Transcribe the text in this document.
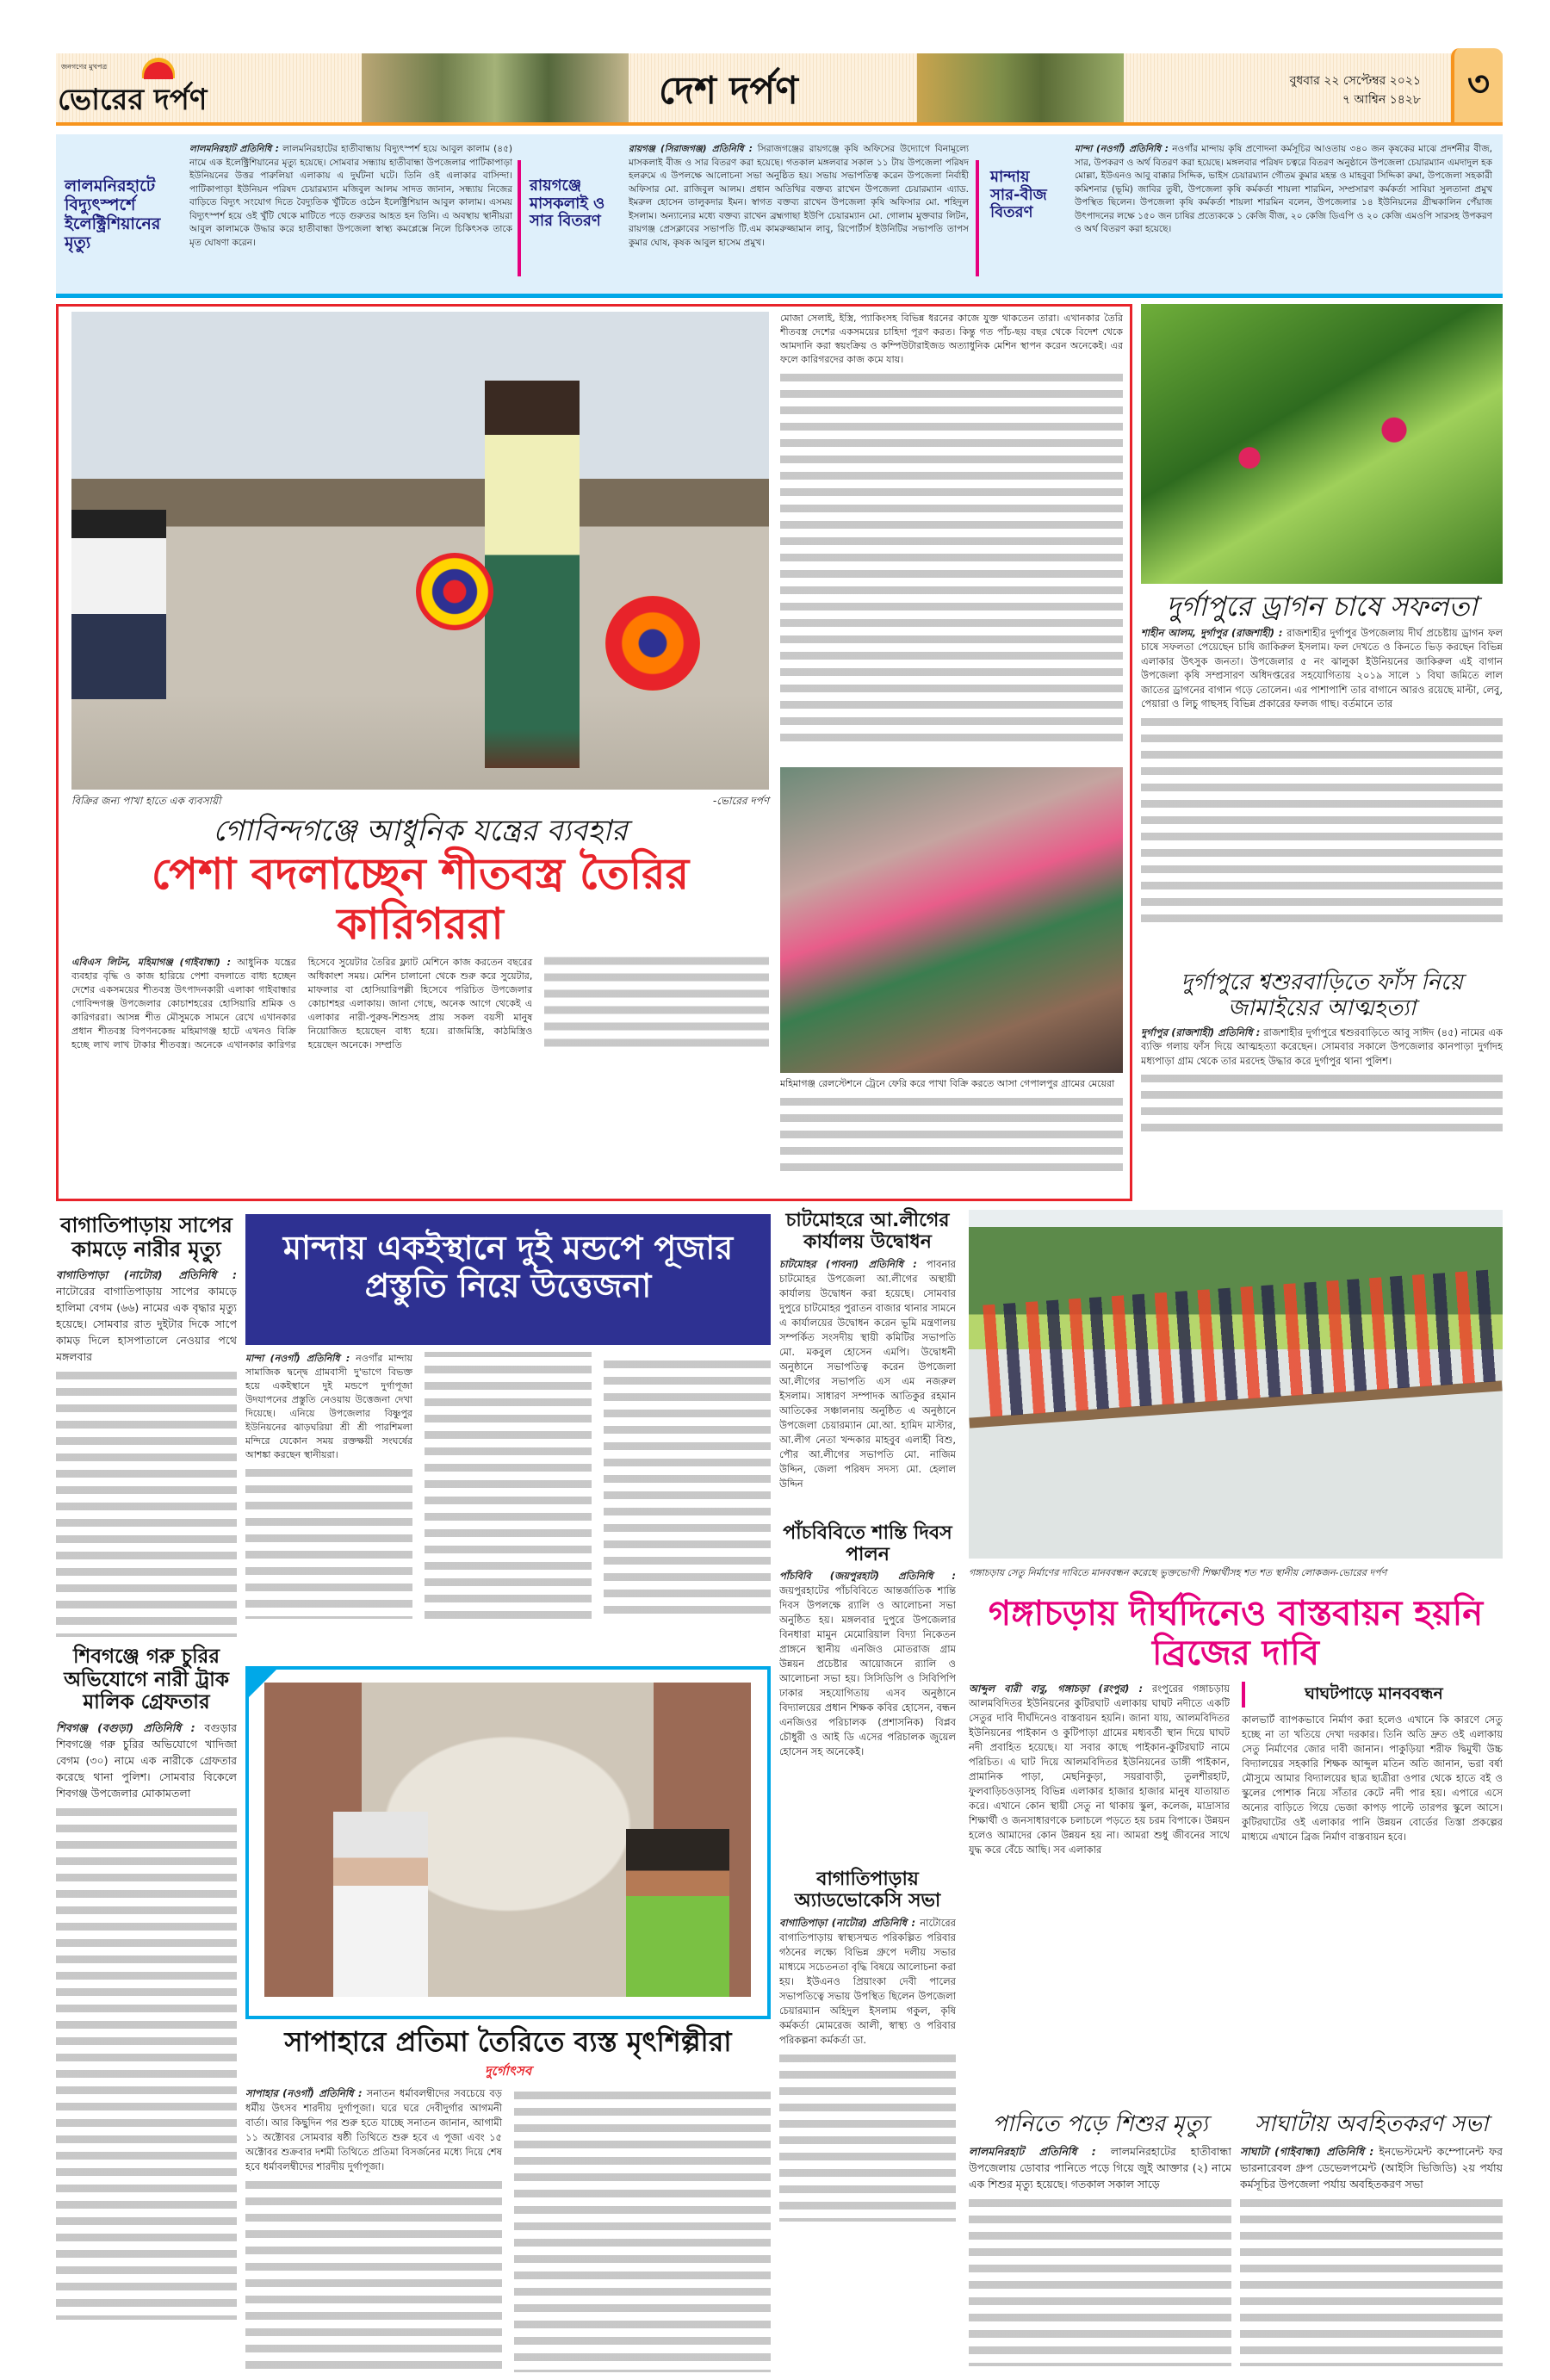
জনগণের মুখপত্র
ভোরের দর্পণ	দেশ দর্পণ	বুধবার ২২ সেপ্টেম্বর ২০২১
৭ আশ্বিন ১৪২৮ ৩
লালমনিরহাটে বিদ্যুৎস্পর্শে ইলেক্ট্রিশিয়ানের মৃত্যু
লালমনিরহাট প্রতিনিধি : লালমনিরহাটের হাতীবান্ধায় বিদ্যুৎস্পর্শ হয়ে আবুল কালাম (৪৫) নামে এক ইলেক্ট্রিশিয়ানের মৃত্যু হয়েছে। সোমবার সন্ধ্যায় হাতীবান্ধা উপজেলার পাটিকাপাড়া ইউনিয়নের উত্তর পারুলিয়া এলাকায় এ দুর্ঘটনা ঘটে। তিনি ওই এলাকার বাসিন্দা। পাটিকাপাড়া ইউনিয়ন পরিষদ চেয়ারম্যান মজিবুল আলম সাদত জানান, সন্ধ্যায় নিজের বাড়িতে বিদ্যুৎ সংযোগ দিতে বৈদ্যুতিক খুঁটিতে ওঠেন ইলেক্ট্রিশিয়ান আবুল কালাম। এসময় বিদ্যুৎস্পর্শ হয়ে ওই খুঁটি থেকে মাটিতে পড়ে গুরুতর আহত হন তিনি। এ অবস্থায় স্থানীয়রা আবুল কালামকে উদ্ধার করে হাতীবান্ধা উপজেলা স্বাস্থ্য কমপ্লেক্সে নিলে চিকিৎসক তাকে মৃত ঘোষণা করেন।
রায়গঞ্জে মাসকলাই ও সার বিতরণ
রায়গঞ্জ (সিরাজগঞ্জ) প্রতিনিধি : সিরাজগঞ্জের রায়গঞ্জে কৃষি অফিসের উদ্যোগে বিনামূল্যে মাসকলাই বীজ ও সার বিতরণ করা হয়েছে। গতকাল মঙ্গলবার সকাল ১১ টায় উপজেলা পরিষদ হলরুমে এ উপলক্ষে আলোচনা সভা অনুষ্ঠিত হয়। সভায় সভাপতিত্ব করেন উপজেলা নির্বাহী অফিসার মো. রাজিবুল আলম। প্রধান অতিথির বক্তব্য রাখেন উপজেলা চেয়ারম্যান এ্যাড. ইমরুল হোসেন তালুকদার ইমন। স্বাগত বক্তব্য রাখেন উপজেলা কৃষি অফিসার মো. শহিদুল ইসলাম। অন্যান্যের মধ্যে বক্তব্য রাখেন ব্রহ্মগাছা ইউপি চেয়ারম্যান মো. গোলাম মুক্তবার লিটন, রায়গঞ্জ প্রেসক্লাবের সভাপতি টি.এম কামরুজ্জামান লাবু, রিপোর্টার্স ইউনিটির সভাপতি তাপস কুমার ঘোষ, কৃষক আবুল হাসেম প্রমুখ।
মান্দায় সার-বীজ বিতরণ
মান্দা (নওগাঁ) প্রতিনিধি : নওগাঁর মান্দায় কৃষি প্রণোদনা কর্মসূচির আওতায় ৩৪০ জন কৃষকের মাঝে প্রদর্শনীর বীজ, সার, উপকরণ ও অর্থ বিতরণ করা হয়েছে। মঙ্গলবার পরিষদ চত্বরে বিতরণ অনুষ্ঠানে উপজেলা চেয়ারম্যান এমদাদুল হক মোল্লা, ইউএনও আবু বাক্কার সিদ্দিক, ভাইস চেয়ারম্যান গৌতম কুমার মহন্ত ও মাহবুবা সিদ্দিকা রুমা, উপজেলা সহকারী কমিশনার (ভূমি) জাবির তুষী, উপজেলা কৃষি কর্মকর্তা শায়লা শারমিন, সম্প্রসারণ কর্মকর্তা সাবিয়া সুলতানা প্রমুখ উপস্থিত ছিলেন। উপজেলা কৃষি কর্মকর্তা শায়লা শারমিন বলেন, উপজেলার ১৪ ইউনিয়নের গ্রীষ্মকালিন পেঁয়াজ উৎপাদনের লক্ষে ১৫০ জন চাষির প্রত্যেককে ১ কেজি বীজ, ২০ কেজি ডিএপি ও ২০ কেজি এমওপি সারসহ উপকরণ ও অর্থ বিতরণ করা হয়েছে।
বিক্রির জন্য পাখা হাতে এক ব্যবসায়ী	-ভোরের দর্পণ
গোবিন্দগঞ্জে আধুনিক যন্ত্রের ব্যবহার
পেশা বদলাচ্ছেন শীতবস্ত্র তৈরির কারিগররা
এবিএস লিটন, মহিমাগঞ্জ (গাইবান্ধা) : আধুনিক যন্ত্রের ব্যবহার বৃদ্ধি ও কাজ হারিয়ে পেশা বদলাতে বাধ্য হচ্ছেন দেশের একসময়ের শীতবস্ত্র উৎপাদনকারী এলাকা গাইবান্ধার গোবিন্দগঞ্জ উপজেলার কোচাশহরের হোসিয়ারি শ্রমিক ও কারিগররা। আসন্ন শীত মৌসুমকে সামনে রেখে এখানকার প্রধান শীতবস্ত্র বিপণনকেন্দ্র মহিমাগঞ্জ হাটে এখনও বিক্রি হচ্ছে লাখ লাখ টাকার শীতবস্ত্র। অনেকে এখানকার কারিগর হিসেবে সুয়েটার তৈরির ফ্ল্যাট মেশিনে কাজ করতেন বছরের অধিকাংশ সময়। মেশিন চালানো থেকে শুরু করে সুয়েটার, মাফলার বা হোসিয়ারিপল্লী হিসেবে পরিচিত উপজেলার কোচাশহর এলাকায়। জানা গেছে, অনেক আগে থেকেই এ এলাকার নারী-পুরুষ-শিশুসহ প্রায় সকল বয়সী মানুষ নিয়োজিত হয়েছেন বাধ্য হয়ে। রাজমিস্ত্রি, কাঠমিস্ত্রিও হয়েছেন অনেকে। সম্প্রতি
মোজা সেলাই, ইস্ত্রি, প্যাকিংসহ বিভিন্ন ধরনের কাজে যুক্ত থাকতেন তারা। এখানকার তৈরি শীতবস্ত্র দেশের একসময়ের চাহিদা পূরণ করত। কিন্তু গত পাঁচ-ছয় বছর থেকে বিদেশ থেকে আমদানি করা স্বয়ংক্রিয় ও কম্পিউটারাইজড অত্যাধুনিক মেশিন স্থাপন করেন অনেকেই। এর ফলে কারিগরদের কাজ কমে যায়।
মহিমাগঞ্জ রেলস্টেশনে ট্রেনে ফেরি করে পাখা বিক্রি করতে আসা গেপালপুর গ্রামের মেয়েরা
দুর্গাপুরে ড্রাগন চাষে সফলতা
শাহীন আলম, দুর্গাপুর (রাজশাহী) : রাজশাহীর দুর্গাপুর উপজেলায় দীর্ঘ প্রচেষ্টায় ড্রাগন ফল চাষে সফলতা পেয়েছেন চাষি জাকিরুল ইসলাম। ফল দেখতে ও কিনতে ভিড় করছেন বিভিন্ন এলাকার উৎসুক জনতা। উপজেলার ৫ নং ঝালুকা ইউনিয়নের জাকিরুল এই বাগান উপজেলা কৃষি সম্প্রসারণ অধিদপ্তরের সহযোগিতায় ২০১৯ সালে ১ বিঘা জমিতে লাল জাতের ড্রাগনের বাগান গড়ে তোলেন। এর পাশাপাশি তার বাগানে আরও রয়েছে মাল্টা, লেবু, পেয়ারা ও লিচু গাছসহ বিভিন্ন প্রকারের ফলজ গাছ। বর্তমানে তার
দুর্গাপুরে শ্বশুরবাড়িতে ফাঁস নিয়ে জামাইয়ের আত্মহত্যা
দুর্গাপুর (রাজশাহী) প্রতিনিধি : রাজশাহীর দুর্গাপুরে শ্বশুরবাড়িতে আবু সাঈদ (৪৫) নামের এক ব্যক্তি গলায় ফাঁস দিয়ে আত্মহত্যা করেছেন। সোমবার সকালে উপজেলার কানপাড়া দুর্গাদহ মধ্যপাড়া গ্রাম থেকে তার মরদেহ উদ্ধার করে দুর্গাপুর থানা পুলিশ।
বাগাতিপাড়ায় সাপের কামড়ে নারীর মৃত্যু
বাগাতিপাড়া (নাটোর) প্রতিনিধি : নাটোরের বাগাতিপাড়ায় সাপের কামড়ে হালিমা বেগম (৬৬) নামের এক বৃদ্ধার মৃত্যু হয়েছে। সোমবার রাত দুইটার দিকে সাপে কামড় দিলে হাসপাতালে নেওয়ার পথে মঙ্গলবার
শিবগঞ্জে গরু চুরির অভিযোগে নারী ট্রাক মালিক গ্রেফতার
শিবগঞ্জ (বগুড়া) প্রতিনিধি : বগুড়ার শিবগঞ্জে গরু চুরির অভিযোগে খাদিজা বেগম (৩০) নামে এক নারীকে গ্রেফতার করেছে থানা পুলিশ। সোমবার বিকেলে শিবগঞ্জ উপজেলার মোকামতলা
মান্দায় একইস্থানে দুই মন্ডপে পূজার প্রস্তুতি নিয়ে উত্তেজনা
মান্দা (নওগাঁ) প্রতিনিধি : নওগাঁর মান্দায় সামাজিক দ্বন্দ্বে গ্রামবাসী দু'ভাগে বিভক্ত হয়ে একইস্থানে দুই মন্ডপে দুর্গাপূজা উদযাপনের প্রস্তুতি নেওয়ায় উত্তেজনা দেখা দিয়েছে। এনিয়ে উপজেলার বিষ্ণুপুর ইউনিয়নের ঝাড়ঘরিয়া শ্রী শ্রী পারশিমলা মন্দিরে যেকোন সময় রক্তক্ষয়ী সংঘর্ষের আশঙ্কা করছেন স্থানীয়রা।
সাপাহারে প্রতিমা তৈরিতে ব্যস্ত মৃৎশিল্পীরা
দুর্গোৎসব
সাপাহার (নওগাঁ) প্রতিনিধি : সনাতন ধর্মাবলম্বীদের সবচেয়ে বড় ধর্মীয় উৎসব শারদীয় দুর্গাপূজা। ঘরে ঘরে দেবীদুর্গার আগমনী বার্তা। আর কিছুদিন পর শুরু হতে যাচ্ছে সনাতন জানান, আগামী ১১ অক্টোবর সোমবার ষষ্ঠী তিথিতে শুরু হবে এ পূজা এবং ১৫ অক্টোবর শুক্রবার দশমী তিথিতে প্রতিমা বিসর্জনের মধ্যে দিয়ে শেষ হবে ধর্মাবলম্বীদের শারদীয় দুর্গাপূজা।
চাটমোহরে আ.লীগের কার্যালয় উদ্বোধন
চাটমোহর (পাবনা) প্রতিনিধি : পাবনার চাটমোহর উপজেলা আ.লীগের অস্থায়ী কার্যালয় উদ্বোধন করা হয়েছে। সোমবার দুপুরে চাটমোহর পুরাতন বাজার থানার সামনে এ কার্যালয়ের উদ্বোধন করেন ভূমি মন্ত্রণালয় সম্পর্কিত সংসদীয় স্থায়ী কমিটির সভাপতি মো. মকবুল হোসেন এমপি। উদ্বোধনী অনুষ্ঠানে সভাপতিত্ব করেন উপজেলা আ.লীগের সভাপতি এস এম নজরুল ইসলাম। সাধারণ সম্পাদক আতিকুর রহমান আতিকের সঞ্চালনায় অনুষ্ঠিত এ অনুষ্ঠানে উপজেলা চেয়ারম্যান মো.আ. হামিদ মাস্টার, আ.লীগ নেতা খন্দকার মাহবুব এলাহী বিশু, পৌর আ.লীগের সভাপতি মো. নাজিম উদ্দিন, জেলা পরিষদ সদস্য মো. হেলাল উদ্দিন
পাঁচবিবিতে শান্তি দিবস পালন
পাঁচবিবি (জয়পুরহাট) প্রতিনিধি : জয়পুরহাটের পাঁচবিবিতে আন্তর্জাতিক শান্তি দিবস উপলক্ষে র‍্যালি ও আলোচনা সভা অনুষ্ঠিত হয়। মঙ্গলবার দুপুরে উপজেলার বিনধারা মামুন মেমোরিয়াল বিদ্যা নিকেতন প্রাঙ্গনে স্থানীয় এনজিও মোতরাজ গ্রাম উন্নয়ন প্রচেষ্টার আয়োজনে র‍্যালি ও আলোচনা সভা হয়। সিসিডিপি ও সিবিপিপি ঢাকার সহযোগিতায় এসব অনুষ্ঠানে বিদ্যালয়ের প্রধান শিক্ষক কবির হোসেন, বন্ধন এনজিওর পরিচালক (প্রশাসনিক) বিপ্লব চৌধুরী ও আই ডি এসের পরিচালক জুয়েল হোসেন সহ অনেকেই।
বাগাতিপাড়ায় অ্যাডভোকেসি সভা
বাগাতিপাড়া (নাটোর) প্রতিনিধি : নাটোরের বাগাতিপাড়ায় স্বাস্থ্যসম্মত পরিকল্পিত পরিবার গঠনের লক্ষ্যে বিভিন্ন গ্রুপে দলীয় সভার মাধ্যমে সচেতনতা বৃদ্ধি বিষয়ে আলোচনা করা হয়। ইউএনও প্রিয়াংকা দেবী পালের সভাপতিত্বে সভায় উপস্থিত ছিলেন উপজেলা চেয়ারম্যান অহিদুল ইসলাম গকুল, কৃষি কর্মকর্তা মোমরেজ আলী, স্বাস্থ্য ও পরিবার পরিকল্পনা কর্মকর্তা ডা.
গঙ্গাচড়ায় সেতু নির্মাণের দাবিতে মানববন্ধন করেছে ভুক্তভোগী শিক্ষার্থীসহ শত শত স্থানীয় লোকজন-ভোরের দর্পণ
গঙ্গাচড়ায় দীর্ঘদিনেও বাস্তবায়ন হয়নি ব্রিজের দাবি
আব্দুল বারী বাবু, গঙ্গাচড়া (রংপুর) : রংপুরের গঙ্গাচড়ায় আলমবিদিতর ইউনিয়নের কুটিরঘাট এলাকায় ঘাঘট নদীতে একটি সেতুর দাবি দীর্ঘদিনেও বাস্তবায়ন হয়নি। জানা যায়, আলমবিদিতর ইউনিয়নের পাইকান ও কুটিপাড়া গ্রামের মধ্যবর্তী স্থান দিয়ে ঘাঘট নদী প্রবাহিত হয়েছে। যা সবার কাছে পাইকান-কুটিরঘাট নামে পরিচিত। এ ঘাট দিয়ে আলমবিদিতর ইউনিয়নের ডাঙ্গী পাইকান, প্রামানিক পাড়া, মেছনিকুড়া, সয়রাবাড়ী, তুলশীরহাট, ফুলবাড়িচওড়াসহ বিভিন্ন এলাকার হাজার হাজার মানুষ যাতায়াত করে। এখানে কোন স্থায়ী সেতু না থাকায় স্কুল, কলেজ, মাদ্রাসার শিক্ষার্থী ও জনসাধারণকে চলাচলে পড়তে হয় চরম বিপাকে। উন্নয়ন হলেও আমাদের কোন উন্নয়ন হয় না। আমরা শুধু জীবনের সাথে যুদ্ধ করে বেঁচে আছি। সব এলাকার
ঘাঘটপাড়ে মানববন্ধন
কালভার্ট ব্যাপকভাবে নির্মাণ করা হলেও এখানে কি কারণে সেতু হচ্ছে না তা খতিয়ে দেখা দরকার। তিনি অতি দ্রুত ওই এলাকায় সেতু নির্মাণের জোর দাবী জানান। পাকুড়িয়া শরীফ দ্বিমুখী উচ্চ বিদ্যালয়ের সহকারি শিক্ষক আব্দুল মতিন অতি জানান, ভরা বর্ষা মৌসুমে আমার বিদ্যালয়ের ছাত্র ছাত্রীরা ওপার থেকে হাতে বই ও স্কুলের পোশাক নিয়ে সাঁতার কেটে নদী পার হয়। এপারে এসে অন্যের বাড়িতে গিয়ে ভেজা কাপড় পাল্টে তারপর স্কুলে আসে। কুটিরঘাটের ওই এলাকার পানি উন্নয়ন বোর্ডের তিস্তা প্রকল্পের মাধ্যমে এখানে ব্রিজ নির্মাণ বাস্তবায়ন হবে।
পানিতে পড়ে শিশুর মৃত্যু
লালমনিরহাট প্রতিনিধি : লালমনিরহাটের হাতীবান্ধা উপজেলায় ডোবার পানিতে পড়ে গিয়ে জুই আক্তার (২) নামে এক শিশুর মৃত্যু হয়েছে। গতকাল সকাল সাড়ে
সাঘাটায় অবহিতকরণ সভা
সাঘাটা (গাইবান্ধা) প্রতিনিধি : ইনভেস্টমেন্ট কম্পোনেন্ট ফর ভারনারেবল গ্রুপ ডেভেলপমেন্ট (আইসি ভিজিডি) ২য় পর্যায় কর্মসূচির উপজেলা পর্যায় অবহিতকরণ সভা
